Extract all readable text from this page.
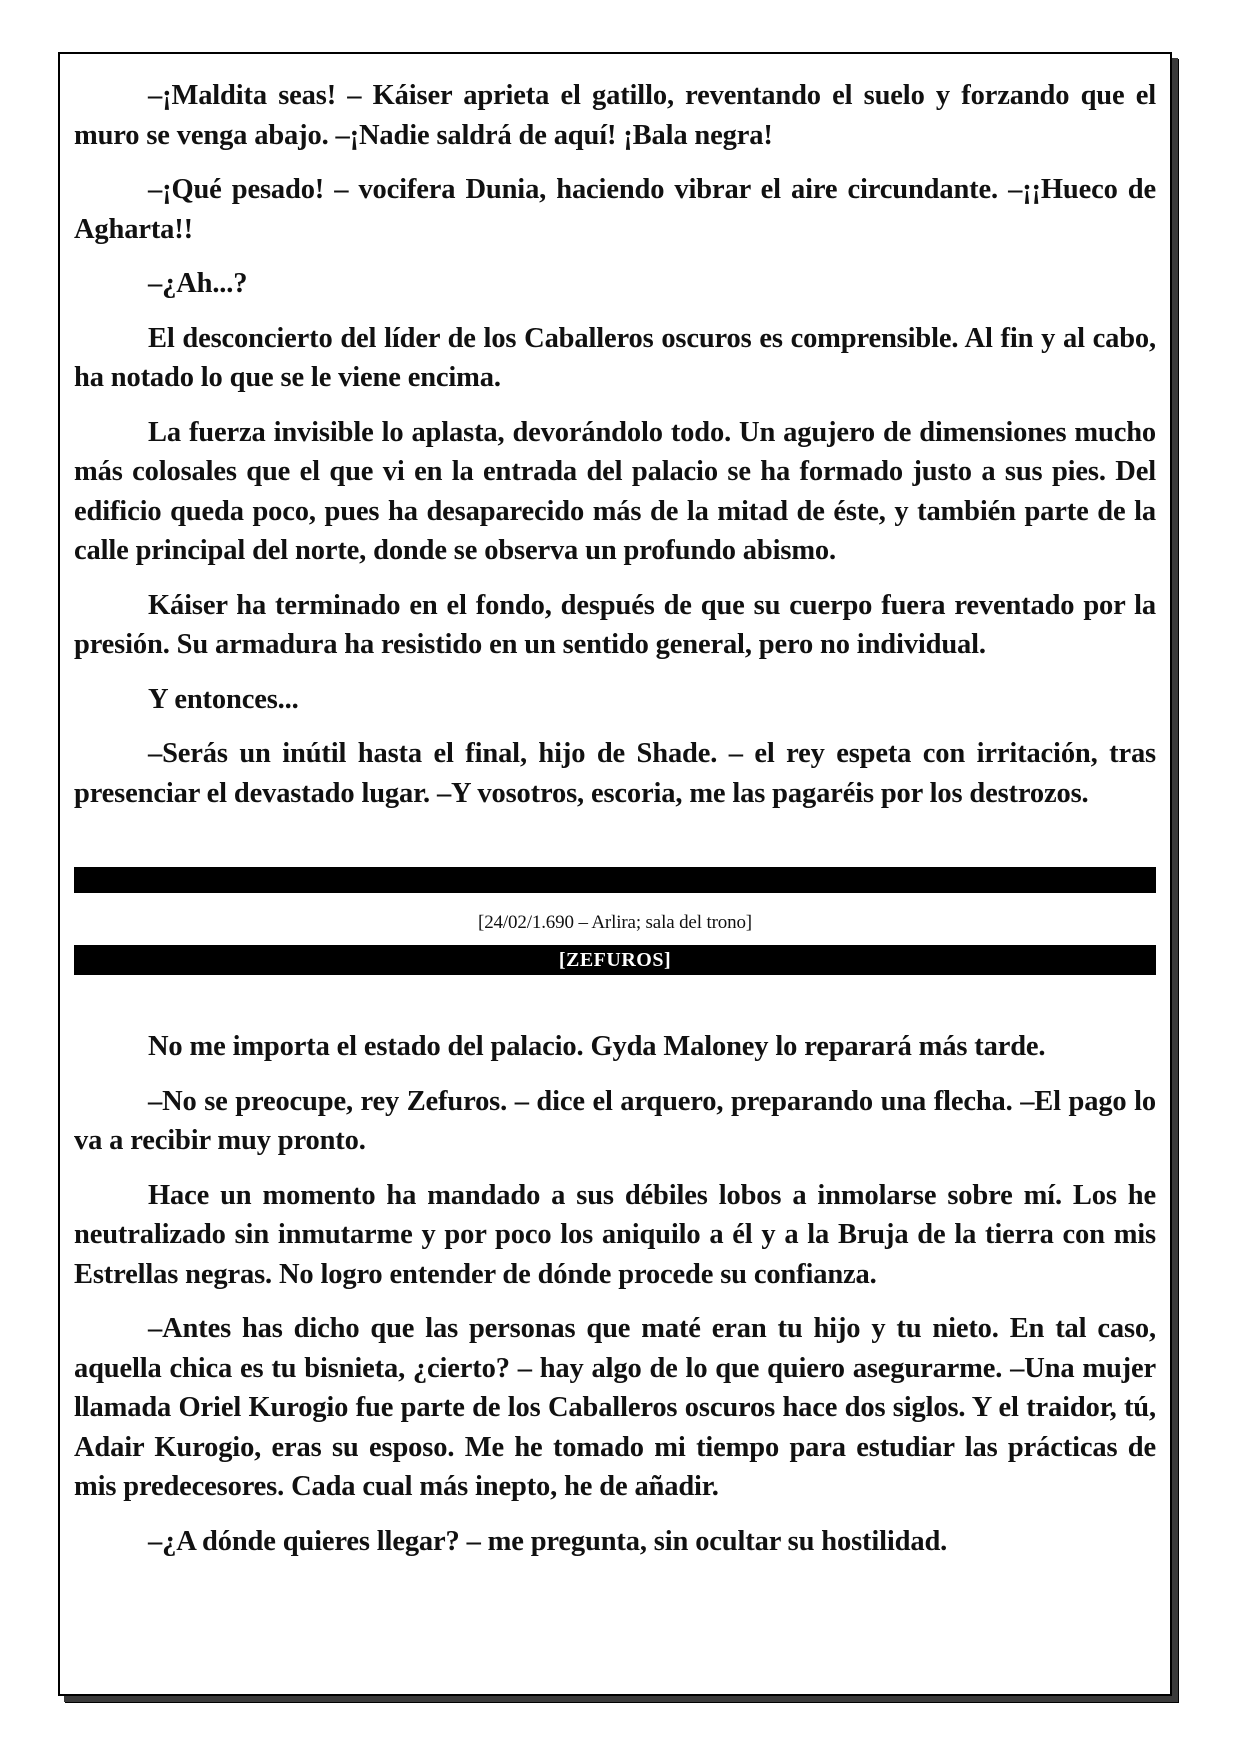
–¡Maldita seas! – Káiser aprieta el gatillo, reventando el suelo y forzando que el muro se venga abajo. –¡Nadie saldrá de aquí! ¡Bala negra!

–¡Qué pesado! – vocifera Dunia, haciendo vibrar el aire circundante. –¡¡Hueco de Agharta!!

–¿Ah...?

El desconcierto del líder de los Caballeros oscuros es comprensible. Al fin y al cabo, ha notado lo que se le viene encima.

La fuerza invisible lo aplasta, devorándolo todo. Un agujero de dimensiones mucho más colosales que el que vi en la entrada del palacio se ha formado justo a sus pies. Del edificio queda poco, pues ha desaparecido más de la mitad de éste, y también parte de la calle principal del norte, donde se observa un profundo abismo.

Káiser ha terminado en el fondo, después de que su cuerpo fuera reventado por la presión. Su armadura ha resistido en un sentido general, pero no individual.

Y entonces...

–Serás un inútil hasta el final, hijo de Shade. – el rey espeta con irritación, tras presenciar el devastado lugar. –Y vosotros, escoria, me las pagaréis por los destrozos.

[24/02/1.690 – Arlira; sala del trono]
[ZEFUROS]

No me importa el estado del palacio. Gyda Maloney lo reparará más tarde.

–No se preocupe, rey Zefuros. – dice el arquero, preparando una flecha. –El pago lo va a recibir muy pronto.

Hace un momento ha mandado a sus débiles lobos a inmolarse sobre mí. Los he neutralizado sin inmutarme y por poco los aniquilo a él y a la Bruja de la tierra con mis Estrellas negras. No logro entender de dónde procede su confianza.

–Antes has dicho que las personas que maté eran tu hijo y tu nieto. En tal caso, aquella chica es tu bisnieta, ¿cierto? – hay algo de lo que quiero asegurarme. –Una mujer llamada Oriel Kurogio fue parte de los Caballeros oscuros hace dos siglos. Y el traidor, tú, Adair Kurogio, eras su esposo. Me he tomado mi tiempo para estudiar las prácticas de mis predecesores. Cada cual más inepto, he de añadir.

–¿A dónde quieres llegar? – me pregunta, sin ocultar su hostilidad.
